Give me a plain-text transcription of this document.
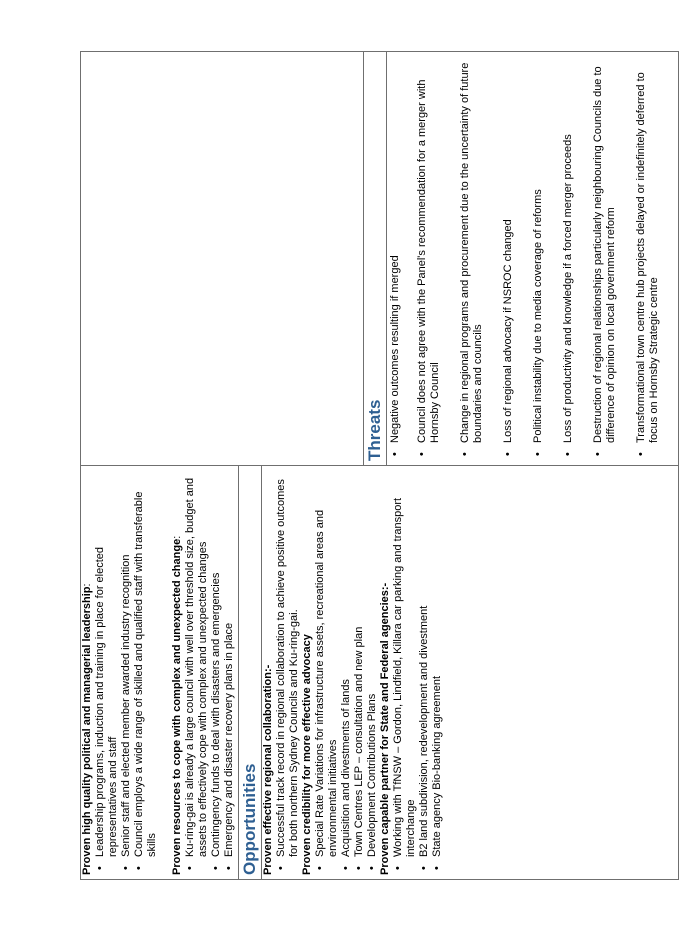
Proven high quality political and managerial leadership: • Leadership programs, induction and training in place for elected representatives and staff • Senior staff and elected member awarded industry recognition • Council employs a wide range of skilled and qualified staff with transferable skills Proven resources to cope with complex and unexpected change: • Ku-ring-gai is already a large council with well over threshold size, budget and assets to effectively cope with complex and unexpected changes • Contingency funds to deal with disasters and emergencies • Emergency and disaster recovery plans in place Opportunities Proven effective regional collaboration:- • Successful track record in regional collaboration to achieve positive outcomes for both northern Sydney Councils and Ku-ring-gai. Proven credibility for more effective advocacy • Special Rate Variations for infrastructure assets, recreational areas and environmental initiatives • Acquisition and divestments of lands • Town Centres LEP – consultation and new plan • Development Contributions Plans Proven capable partner for State and Federal agencies:- • Working with TfNSW – Gordon, Lindfield, Killara car parking and transport interchange • B2 land subdivision, redevelopment and divestment • State agency Bio-banking agreement

Threats • Negative outcomes resulting if merged • Council does not agree with the Panel's recommendation for a merger with Hornsby Council • Change in regional programs and procurement due to the uncertainty of future boundaries and councils • Loss of regional advocacy if NSROC changed • Political instability due to media coverage of reforms • Loss of productivity and knowledge if a forced merger proceeds • Destruction of regional relationships particularly neighbouring Councils due to difference of opinion on local government reform • Transformational town centre hub projects delayed or indefinitely deferred to focus on Hornsby Strategic centre
